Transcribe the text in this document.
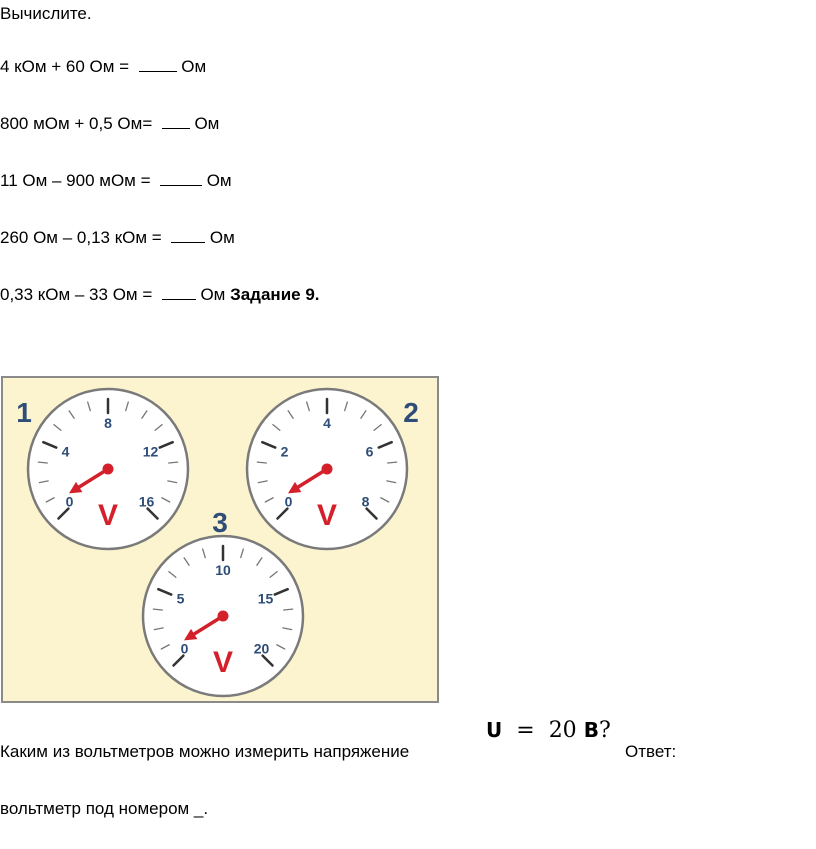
Вычислите.
4 кОм + 60 Ом =	Ом
800 мОм + 0,5 Ом=   Ом
11 Ом – 900 мОм =	Ом
260 Ом – 0,13 кОм =   Ом
0,33 кОм – 33 Ом =   Ом Задание 9.
0
4
8
12
16
V
1
0
2
4
6
8
V
2
0
5
10
15
20
V
3
Каким из вольтметров можно измерить напряжение
U = 20 В?
Ответ:
вольтметр под номером _.
